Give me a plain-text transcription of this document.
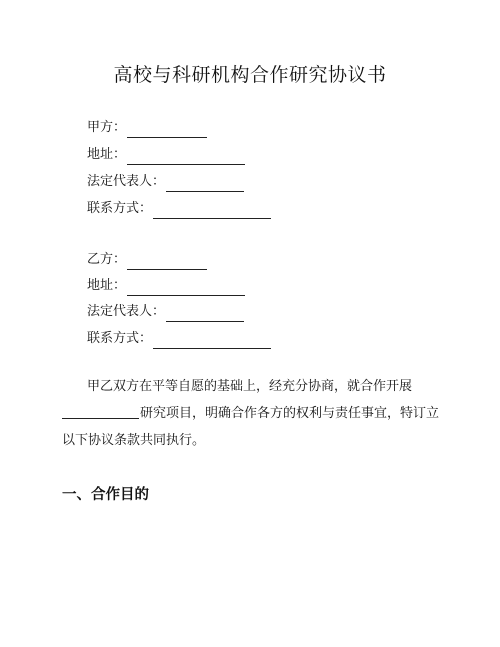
高校与科研机构合作研究协议书
甲方：
地址：
法定代表人：
联系方式：
乙方：
地址：
法定代表人：
联系方式：
甲乙双方在平等自愿的基础上，经充分协商，就合作开展
研究项目，明确合作各方的权利与责任事宜，特订立
以下协议条款共同执行。
一、合作目的
